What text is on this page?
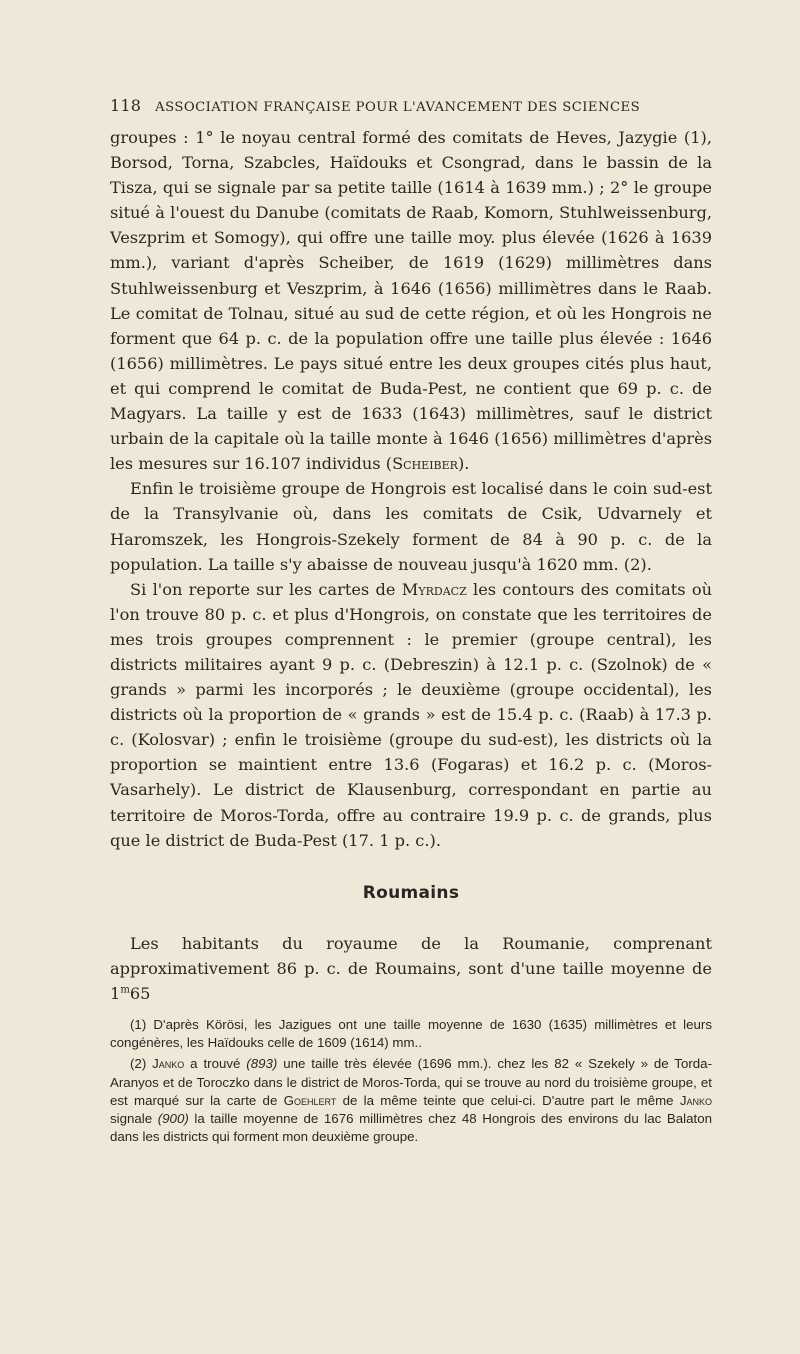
118 ASSOCIATION FRANÇAISE POUR L'AVANCEMENT DES SCIENCES

groupes : 1° le noyau central formé des comitats de Heves, Jazygie (1), Borsod, Torna, Szabcles, Haïdouks et Csongrad, dans le bassin de la Tisza, qui se signale par sa petite taille (1614 à 1639 mm.) ; 2° le groupe situé à l'ouest du Danube (comitats de Raab, Komorn, Stuhlweissenburg, Veszprim et Somogy), qui offre une taille moy. plus élevée (1626 à 1639 mm.), variant d'après Scheiber, de 1619 (1629) millimètres dans Stuhlweissenburg et Veszprim, à 1646 (1656) millimètres dans le Raab. Le comitat de Tolnau, situé au sud de cette région, et où les Hongrois ne forment que 64 p. c. de la population offre une taille plus élevée : 1646 (1656) millimètres. Le pays situé entre les deux groupes cités plus haut, et qui comprend le comitat de Buda-Pest, ne contient que 69 p. c. de Magyars. La taille y est de 1633 (1643) millimètres, sauf le district urbain de la capitale où la taille monte à 1646 (1656) millimètres d'après les mesures sur 16.107 individus (Scheiber).

Enfin le troisième groupe de Hongrois est localisé dans le coin sud-est de la Transylvanie où, dans les comitats de Csik, Udvarnely et Haromszek, les Hongrois-Szekely forment de 84 à 90 p. c. de la population. La taille s'y abaisse de nouveau jusqu'à 1620 mm. (2).

Si l'on reporte sur les cartes de Myrdacz les contours des comitats où l'on trouve 80 p. c. et plus d'Hongrois, on constate que les territoires de mes trois groupes comprennent : le premier (groupe central), les districts militaires ayant 9 p. c. (Debreszin) à 12.1 p. c. (Szolnok) de « grands » parmi les incorporés ; le deuxième (groupe occidental), les districts où la proportion de « grands » est de 15.4 p. c. (Raab) à 17.3 p. c. (Kolosvar) ; enfin le troisième (groupe du sud-est), les districts où la proportion se maintient entre 13.6 (Fogaras) et 16.2 p. c. (Moros-Vasarhely). Le district de Klausenburg, correspondant en partie au territoire de Moros-Torda, offre au contraire 19.9 p. c. de grands, plus que le district de Buda-Pest (17. 1 p. c.).

Roumains

Les habitants du royaume de la Roumanie, comprenant approximativement 86 p. c. de Roumains, sont d'une taille moyenne de 1$^m$65

(1) D'après Körösi, les Jazigues ont une taille moyenne de 1630 (1635) millimètres et leurs congénères, les Haïdouks celle de 1609 (1614) mm..

(2) Janko a trouvé (893) une taille très élevée (1696 mm.). chez les 82 « Szekely » de Torda-Aranyos et de Toroczko dans le district de Moros-Torda, qui se trouve au nord du troisième groupe, et est marqué sur la carte de Goehlert de la même teinte que celui-ci. D'autre part le même Janko signale (900) la taille moyenne de 1676 millimètres chez 48 Hongrois des environs du lac Balaton dans les districts qui forment mon deuxième groupe.
